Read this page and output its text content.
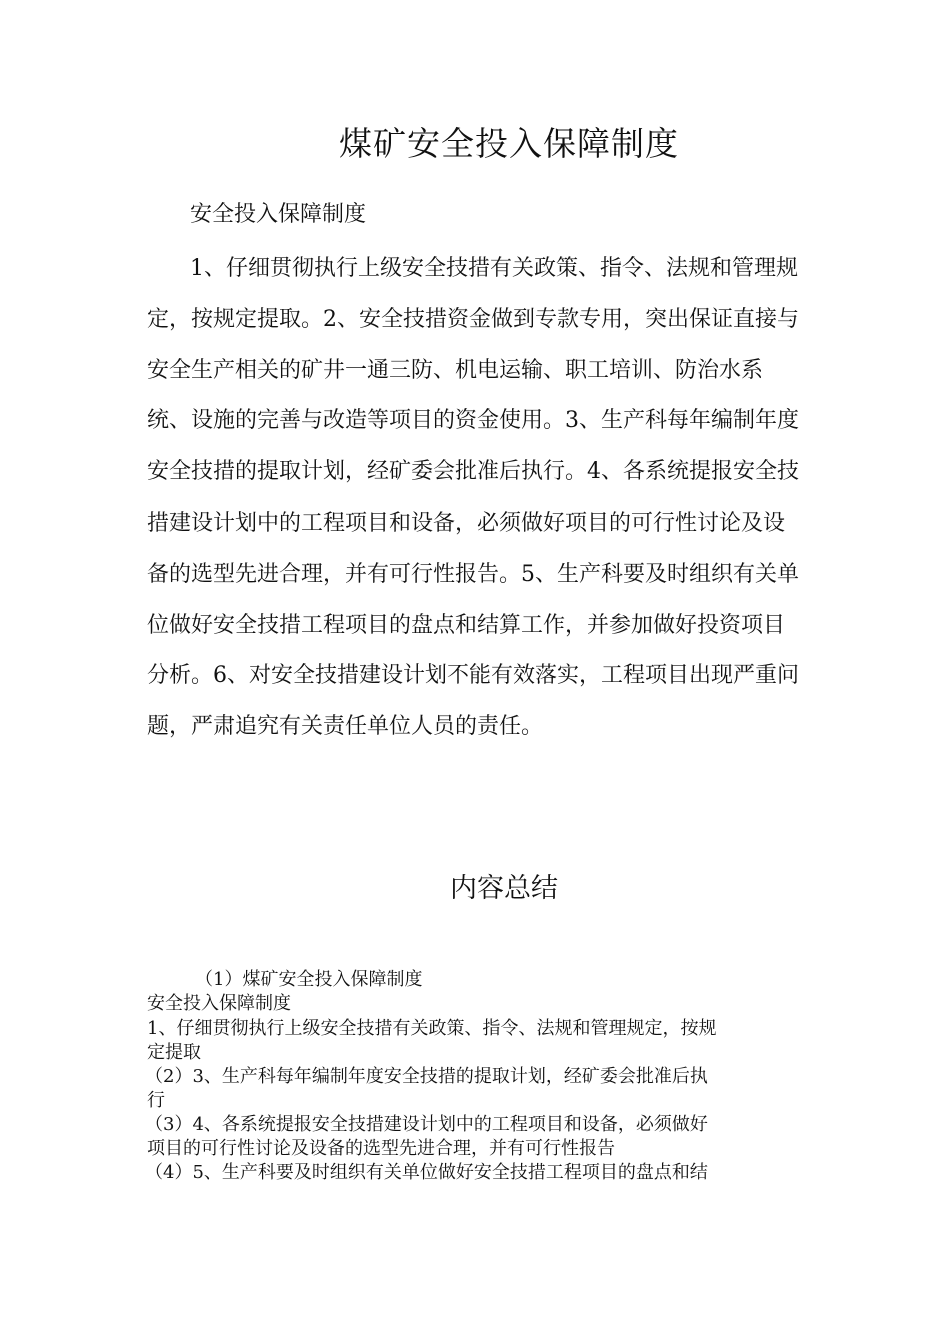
煤矿安全投入保障制度

安全投入保障制度

1、仔细贯彻执行上级安全技措有关政策、指令、法规和管理规

定，按规定提取。2、安全技措资金做到专款专用，突出保证直接与

安全生产相关的矿井一通三防、机电运输、职工培训、防治水系

统、设施的完善与改造等项目的资金使用。3、生产科每年编制年度

安全技措的提取计划，经矿委会批准后执行。4、各系统提报安全技

措建设计划中的工程项目和设备，必须做好项目的可行性讨论及设

备的选型先进合理，并有可行性报告。5、生产科要及时组织有关单

位做好安全技措工程项目的盘点和结算工作，并参加做好投资项目

分析。6、对安全技措建设计划不能有效落实，工程项目出现严重问

题，严肃追究有关责任单位人员的责任。

内容总结

（1）煤矿安全投入保障制度

安全投入保障制度

1、仔细贯彻执行上级安全技措有关政策、指令、法规和管理规定，按规

定提取

（2）3、生产科每年编制年度安全技措的提取计划，经矿委会批准后执

行

（3）4、各系统提报安全技措建设计划中的工程项目和设备，必须做好

项目的可行性讨论及设备的选型先进合理，并有可行性报告

（4）5、生产科要及时组织有关单位做好安全技措工程项目的盘点和结
